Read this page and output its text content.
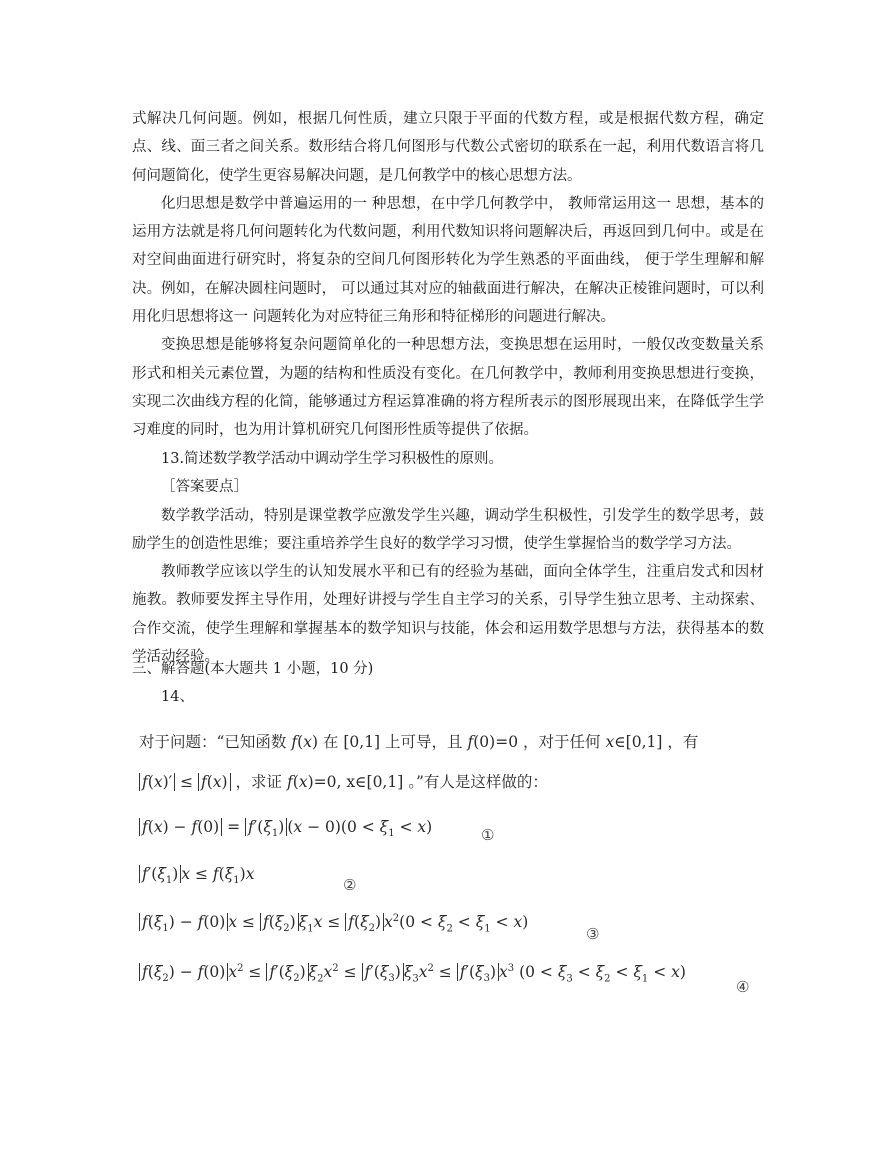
式解决几何问题。例如，根据几何性质，建立只限于平面的代数方程，或是根据代数方程，确定点、线、面三者之间关系。数形结合将几何图形与代数公式密切的联系在一起，利用代数语言将几何问题简化，使学生更容易解决问题，是几何教学中的核心思想方法。

化归思想是数学中普遍运用的一 种思想，在中学几何教学中， 教师常运用这一 思想，基本的运用方法就是将几何问题转化为代数问题，利用代数知识将问题解决后，再返回到几何中。或是在对空间曲面进行研究时，将复杂的空间几何图形转化为学生熟悉的平面曲线， 便于学生理解和解决。例如，在解决圆柱问题时， 可以通过其对应的轴截面进行解决，在解决正棱锥问题时，可以利用化归思想将这一 问题转化为对应特征三角形和特征梯形的问题进行解决。

变换思想是能够将复杂问题简单化的一种思想方法，变换思想在运用时，一般仅改变数量关系形式和相关元素位置，为题的结构和性质没有变化。在几何教学中，教师利用变换思想进行变换，实现二次曲线方程的化简，能够通过方程运算准确的将方程所表示的图形展现出来，在降低学生学习难度的同时，也为用计算机研究几何图形性质等提供了依据。

13.简述数学教学活动中调动学生学习积极性的原则。

［答案要点］

数学教学活动，特别是课堂教学应激发学生兴趣，调动学生积极性，引发学生的数学思考，鼓励学生的创造性思维；要注重培养学生良好的数学学习习惯，使学生掌握恰当的数学学习方法。

教师教学应该以学生的认知发展水平和已有的经验为基础，面向全体学生，注重启发式和因材施教。教师要发挥主导作用，处理好讲授与学生自主学习的关系，引导学生独立思考、主动探索、合作交流，使学生理解和掌握基本的数学知识与技能，体会和运用数学思想与方法，获得基本的数学活动经验。

三、解答题(本大题共 1 小题，10 分)

14、

对于问题：“已知函数 f(x) 在 [0,1] 上可导，且 f(0)=0 ，对于任何 x∈[0,1] ，有
f(x)′ ≤ f(x) ，求证 f(x)=0, x∈[0,1] 。”有人是这样做的：
$f(x) - f(0) = f'(\xi_1) (x - 0)(0 < \xi_1 < x)$	①
$f'(\xi_1) x \le f(\xi_1)x$
②
$f(\xi_1) - f(0) x \le f(\xi_2) \xi_1x \le f(\xi_2) x^2(0 < \xi_2 < \xi_1 < x)$
③
$f(\xi_2) - f(0) x^2 \le f'(\xi_2) \xi_2x^2 \le f'(\xi_3) \xi_3x^2 \le f'(\xi_3)$ $x^3$ $(0 < \xi_3 < \xi_2 < \xi_1 < x)$
④
